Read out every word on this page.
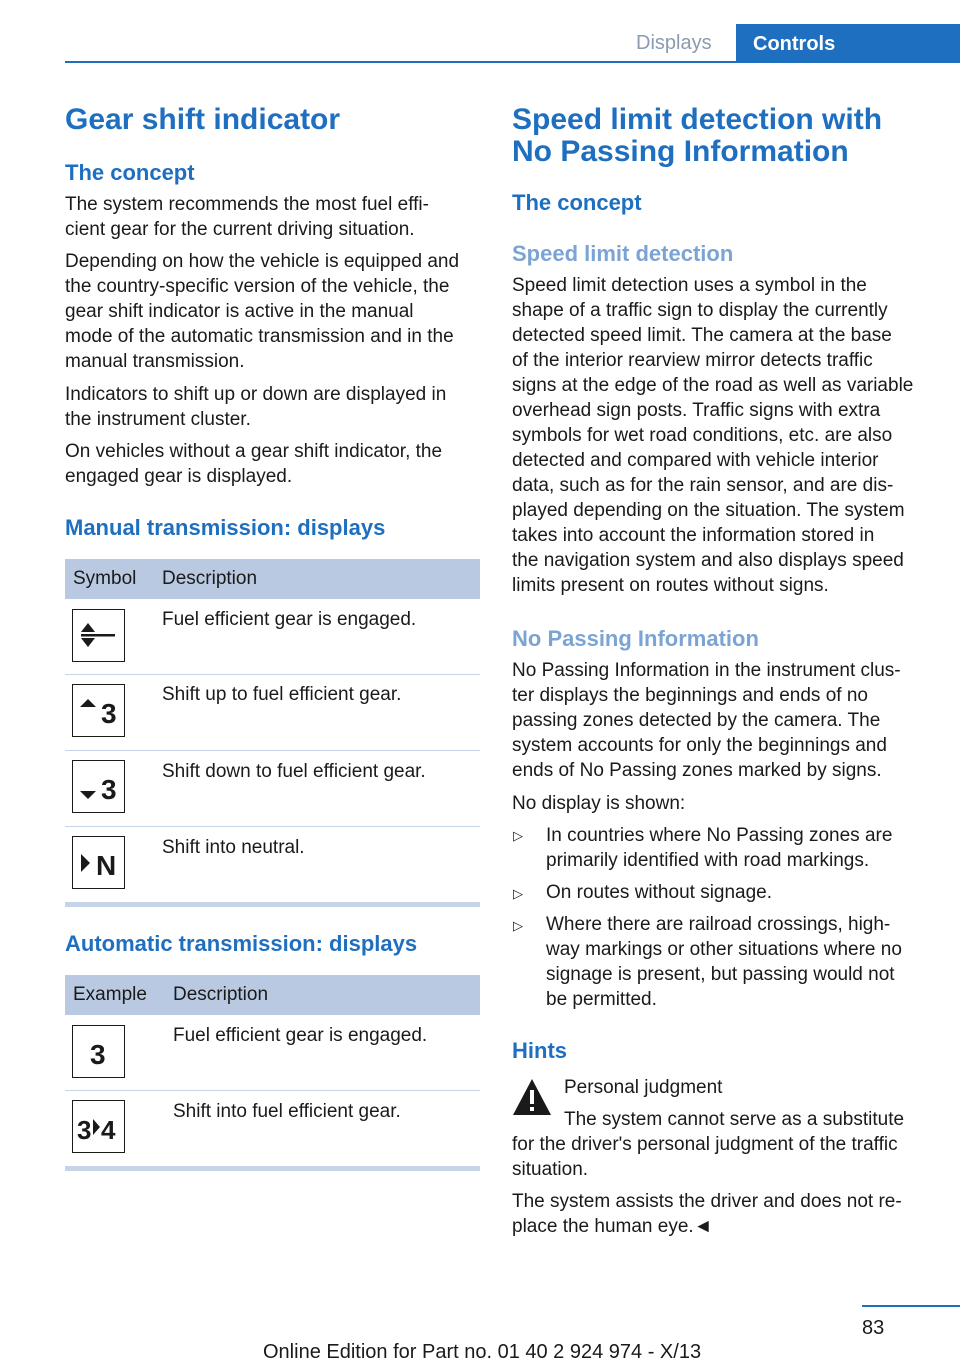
Displays	Controls
Gear shift indicator
The concept
The system recommends the most fuel effi-
cient gear for the current driving situation.
Depending on how the vehicle is equipped and
the country-specific version of the vehicle, the
gear shift indicator is active in the manual
mode of the automatic transmission and in the
manual transmission.
Indicators to shift up or down are displayed in
the instrument cluster.
On vehicles without a gear shift indicator, the
engaged gear is displayed.
Manual transmission: displays
Symbol Description
Fuel efficient gear is engaged.
3
Shift up to fuel efficient gear.
3
Shift down to fuel efficient gear.
N
Shift into neutral.
Automatic transmission: displays
Example Description
3
Fuel efficient gear is engaged.
3 4
Shift into fuel efficient gear.
Speed limit detection with
No Passing Information
The concept
Speed limit detection
Speed limit detection uses a symbol in the
shape of a traffic sign to display the currently
detected speed limit. The camera at the base
of the interior rearview mirror detects traffic
signs at the edge of the road as well as variable
overhead sign posts. Traffic signs with extra
symbols for wet road conditions, etc. are also
detected and compared with vehicle interior
data, such as for the rain sensor, and are dis-
played depending on the situation. The system
takes into account the information stored in
the navigation system and also displays speed
limits present on routes without signs.
No Passing Information
No Passing Information in the instrument clus-
ter displays the beginnings and ends of no
passing zones detected by the camera. The
system accounts for only the beginnings and
ends of No Passing zones marked by signs.
No display is shown:
▷ In countries where No Passing zones are
primarily identified with road markings.
▷ On routes without signage.
▷ Where there are railroad crossings, high-
way markings or other situations where no
signage is present, but passing would not
be permitted.
Hints
Personal judgment
The system cannot serve as a substitute
for the driver's personal judgment of the traffic
situation.
The system assists the driver and does not re-
place the human eye.◄
83
Online Edition for Part no. 01 40 2 924 974 - X/13
